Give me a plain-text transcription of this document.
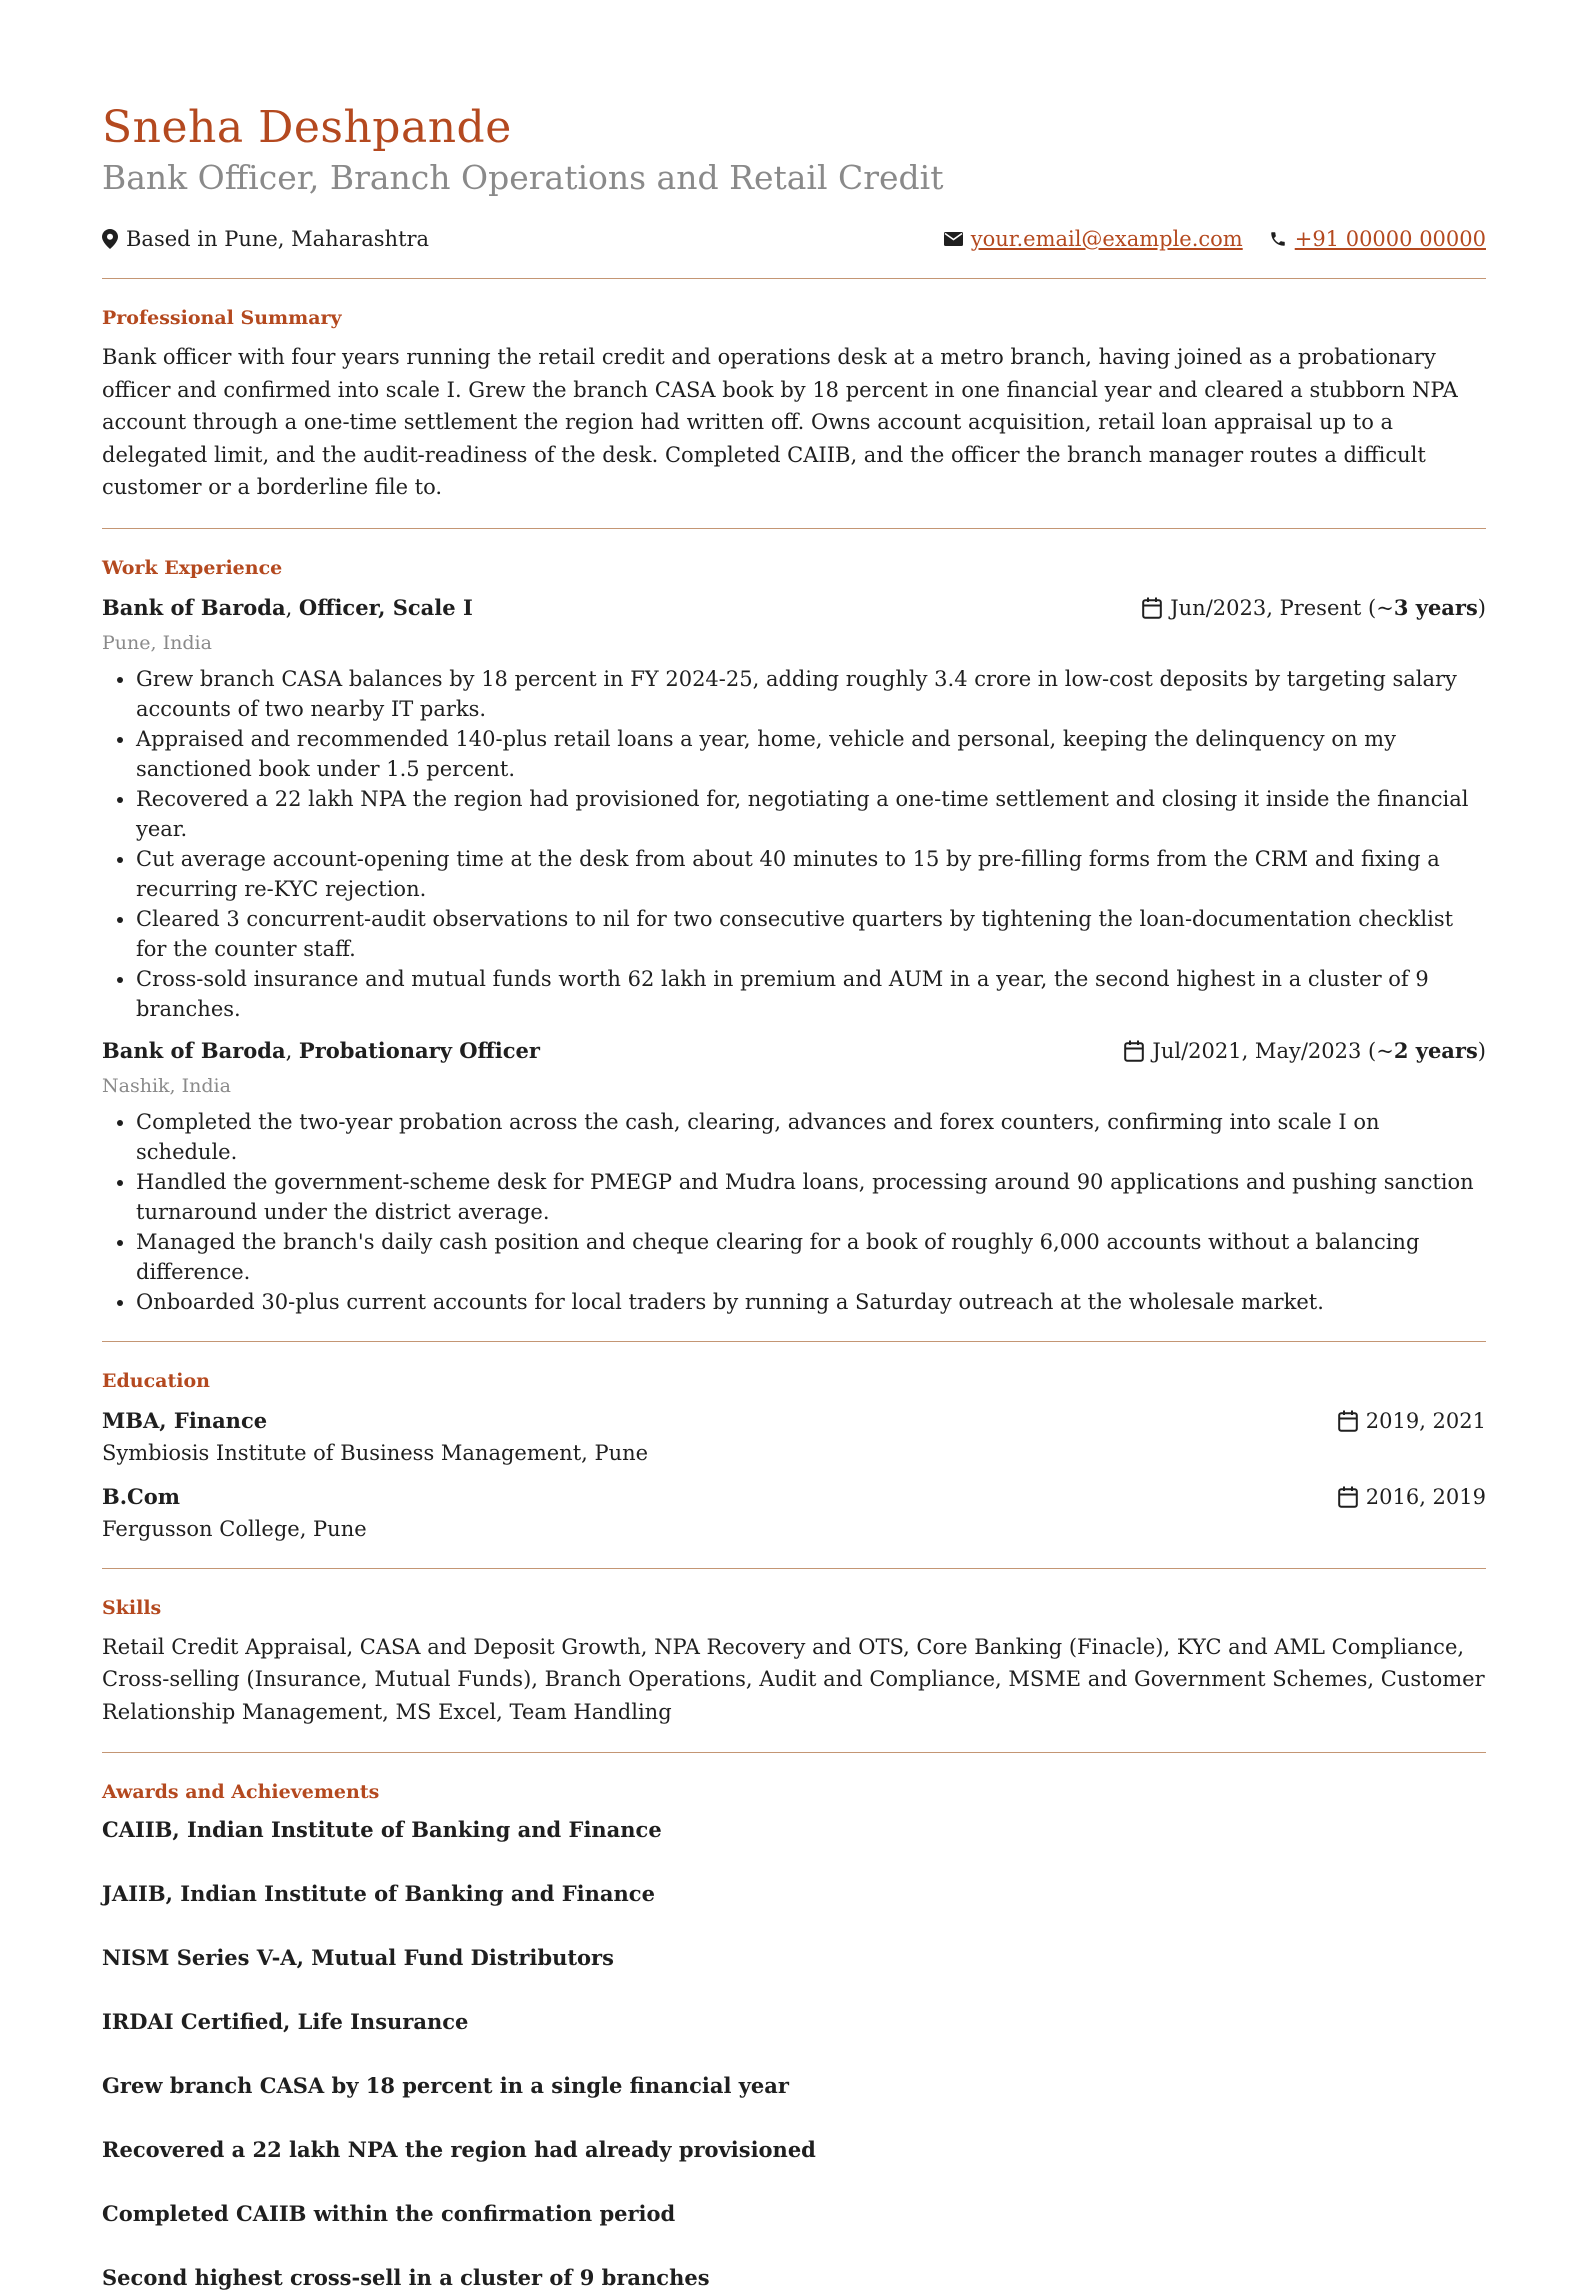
Sneha Deshpande
Bank Officer, Branch Operations and Retail Credit
Based in Pune, Maharashtra	your.email@example.com +91 00000 00000
Professional Summary

Bank officer with four years running the retail credit and operations desk at a metro branch, having joined as a probationary officer and confirmed into scale I. Grew the branch CASA book by 18 percent in one financial year and cleared a stubborn NPA account through a one-time settlement the region had written off. Owns account acquisition, retail loan appraisal up to a delegated limit, and the audit-readiness of the desk. Completed CAIIB, and the officer the branch manager routes a difficult customer or a borderline file to.

Work Experience
Bank of Baroda, Officer, Scale I	Jun/2023, Present (~ 3 years )
Pune, India
• Grew branch CASA balances by 18 percent in FY 2024-25, adding roughly 3.4 crore in low-cost deposits by targeting salary accounts of two nearby IT parks.
• Appraised and recommended 140-plus retail loans a year, home, vehicle and personal, keeping the delinquency on my sanctioned book under 1.5 percent.
• Recovered a 22 lakh NPA the region had provisioned for, negotiating a one-time settlement and closing it inside the financial year.
• Cut average account-opening time at the desk from about 40 minutes to 15 by pre-filling forms from the CRM and fixing a recurring re-KYC rejection.
• Cleared 3 concurrent-audit observations to nil for two consecutive quarters by tightening the loan-documentation checklist for the counter staff.
• Cross-sold insurance and mutual funds worth 62 lakh in premium and AUM in a year, the second highest in a cluster of 9 branches.
Bank of Baroda, Probationary Officer	Jul/2021, May/2023 (~ 2 years )
Nashik, India
• Completed the two-year probation across the cash, clearing, advances and forex counters, confirming into scale I on schedule.
• Handled the government-scheme desk for PMEGP and Mudra loans, processing around 90 applications and pushing sanction turnaround under the district average.
• Managed the branch's daily cash position and cheque clearing for a book of roughly 6,000 accounts without a balancing difference.
• Onboarded 30-plus current accounts for local traders by running a Saturday outreach at the wholesale market.
Education
MBA, Finance	2019, 2021
Symbiosis Institute of Business Management, Pune
B.Com	2016, 2019
Fergusson College, Pune
Skills

Retail Credit Appraisal, CASA and Deposit Growth, NPA Recovery and OTS, Core Banking (Finacle), KYC and AML Compliance, Cross-selling (Insurance, Mutual Funds), Branch Operations, Audit and Compliance, MSME and Government Schemes, Customer Relationship Management, MS Excel, Team Handling

Awards and Achievements

CAIIB, Indian Institute of Banking and Finance

JAIIB, Indian Institute of Banking and Finance

NISM Series V-A, Mutual Fund Distributors

IRDAI Certified, Life Insurance

Grew branch CASA by 18 percent in a single financial year

Recovered a 22 lakh NPA the region had already provisioned

Completed CAIIB within the confirmation period

Second highest cross-sell in a cluster of 9 branches
